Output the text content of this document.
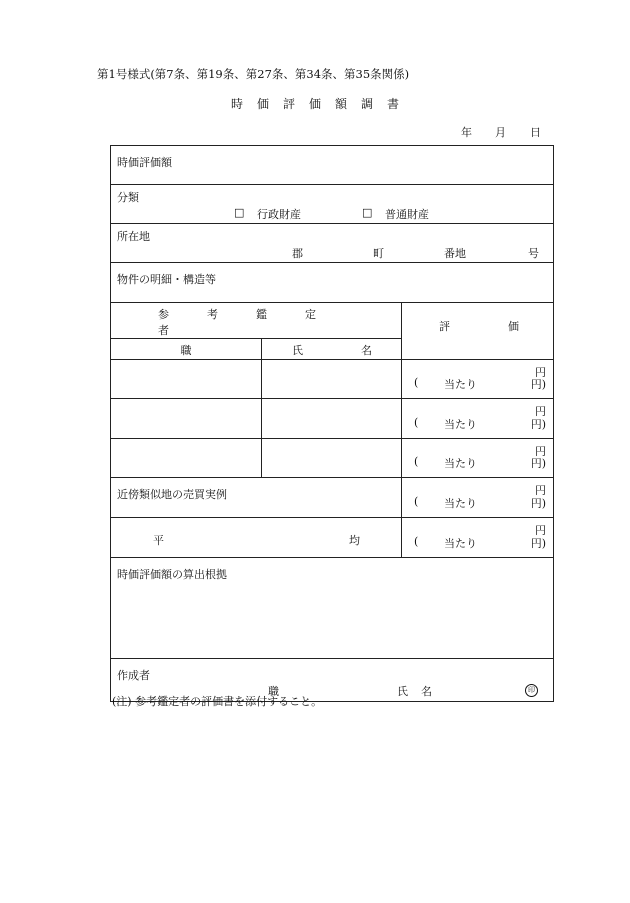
第1号様式(第7条、第19条、第27条、第34条、第35条関係)
時価評価額調書
年 月 日
時価評価額		

分類
□ 行政財産 □ 普通財産		

所在地
郡 町 番地 号		

物件の明細・構造等		

参考鑑定者		評 価

職	氏 名	

		円
( 当たり 円)

		円
( 当たり 円)

		円
( 当たり 円)

近傍類似地の売買実例		円
( 当たり 円)

平 均		円
( 当たり 円)

時価評価額の算出根拠		

作成者
職 氏 名 印		
(注) 参考鑑定者の評価書を添付すること。
